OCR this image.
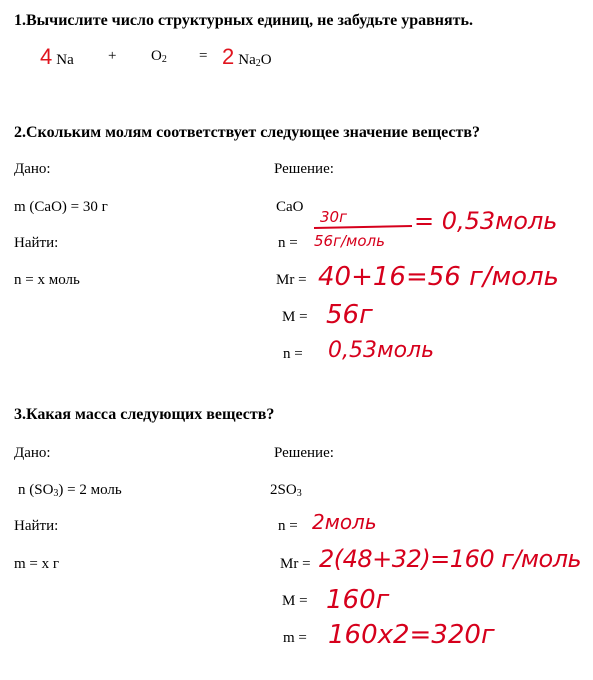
1.Вычислите число структурных единиц, не забудьте уравнять.
4 $Na + O_2 = 2$ $Na_2O$
2.Скольким молям соответствует следующее значение веществ?
Дано:
m (CaO) = 30 г
Найти:
n = х моль
Решение:
CaO
n =
30г
56г/моль
= 0,53моль
Mr = 40+16=56 г/моль
M = 56г
n = 0,53моль
3.Какая масса следующих веществ?
Дано:
n $(SO_3) = 2$ моль
Найти:
m = х г
Решение:
$2SO_3$
n = 2моль
Mr = 2(48+32)=160 г/моль
M = 160г
m = 160х2=320г
